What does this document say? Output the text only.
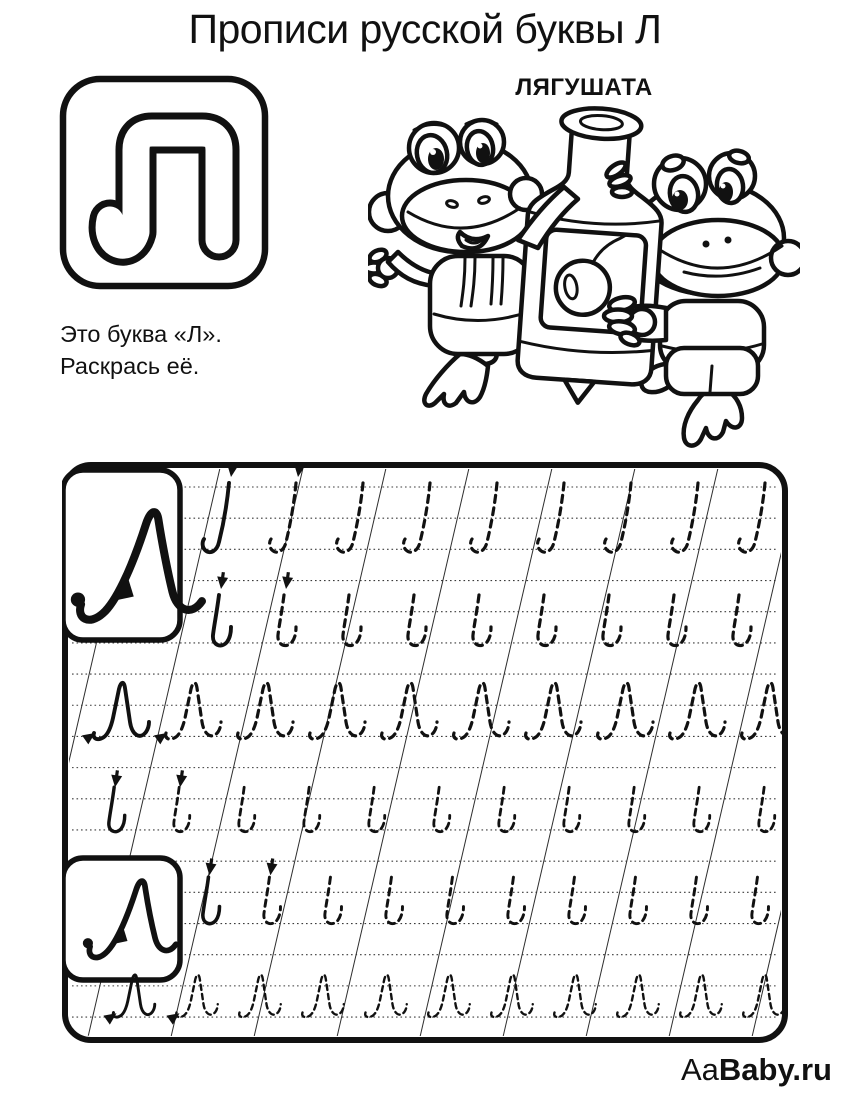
Прописи русской буквы Л
ЛЯГУШАТА
Это буква «Л».
Раскрась её.
AaBaby.ru
